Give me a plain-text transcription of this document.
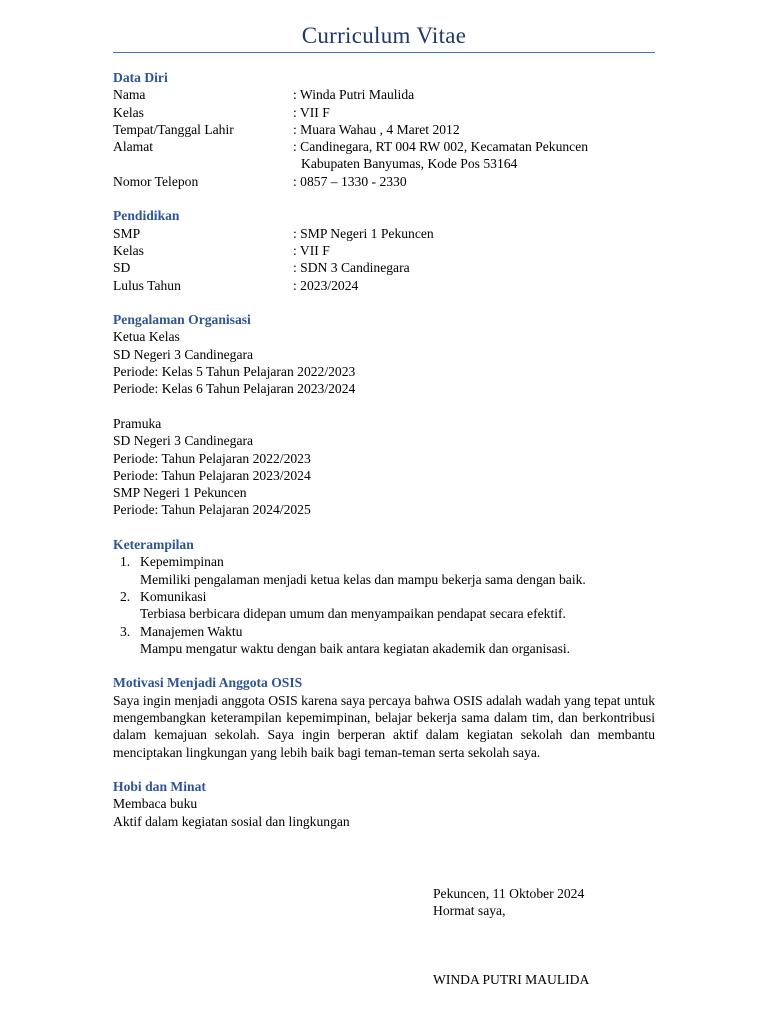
Curriculum Vitae
Data Diri
Nama	: Winda Putri Maulida
Kelas	: VII F
Tempat/Tanggal Lahir	: Muara Wahau , 4 Maret 2012
Alamat	: Candinegara, RT 004 RW 002, Kecamatan Pekuncen
Kabupaten Banyumas, Kode Pos 53164
Nomor Telepon	: 0857 – 1330 - 2330
Pendidikan
SMP	: SMP Negeri 1 Pekuncen
Kelas	: VII F
SD	: SDN 3 Candinegara
Lulus Tahun	: 2023/2024
Pengalaman Organisasi
Ketua Kelas
SD Negeri 3 Candinegara
Periode: Kelas 5 Tahun Pelajaran 2022/2023
Periode: Kelas 6 Tahun Pelajaran 2023/2024
Pramuka
SD Negeri 3 Candinegara
Periode: Tahun Pelajaran 2022/2023
Periode: Tahun Pelajaran 2023/2024
SMP Negeri 1 Pekuncen
Periode: Tahun Pelajaran 2024/2025
Keterampilan
1. Kepemimpinan
Memiliki pengalaman menjadi ketua kelas dan mampu bekerja sama dengan baik.
2. Komunikasi
Terbiasa berbicara didepan umum dan menyampaikan pendapat secara efektif.
3. Manajemen Waktu
Mampu mengatur waktu dengan baik antara kegiatan akademik dan organisasi.
Motivasi Menjadi Anggota OSIS
Saya ingin menjadi anggota OSIS karena saya percaya bahwa OSIS adalah wadah yang tepat untuk mengembangkan keterampilan kepemimpinan, belajar bekerja sama dalam tim, dan berkontribusi dalam kemajuan sekolah. Saya ingin berperan aktif dalam kegiatan sekolah dan membantu menciptakan lingkungan yang lebih baik bagi teman-teman serta sekolah saya.
Hobi dan Minat
Membaca buku
Aktif dalam kegiatan sosial dan lingkungan
Pekuncen, 11 Oktober 2024
Hormat saya,
WINDA PUTRI MAULIDA
